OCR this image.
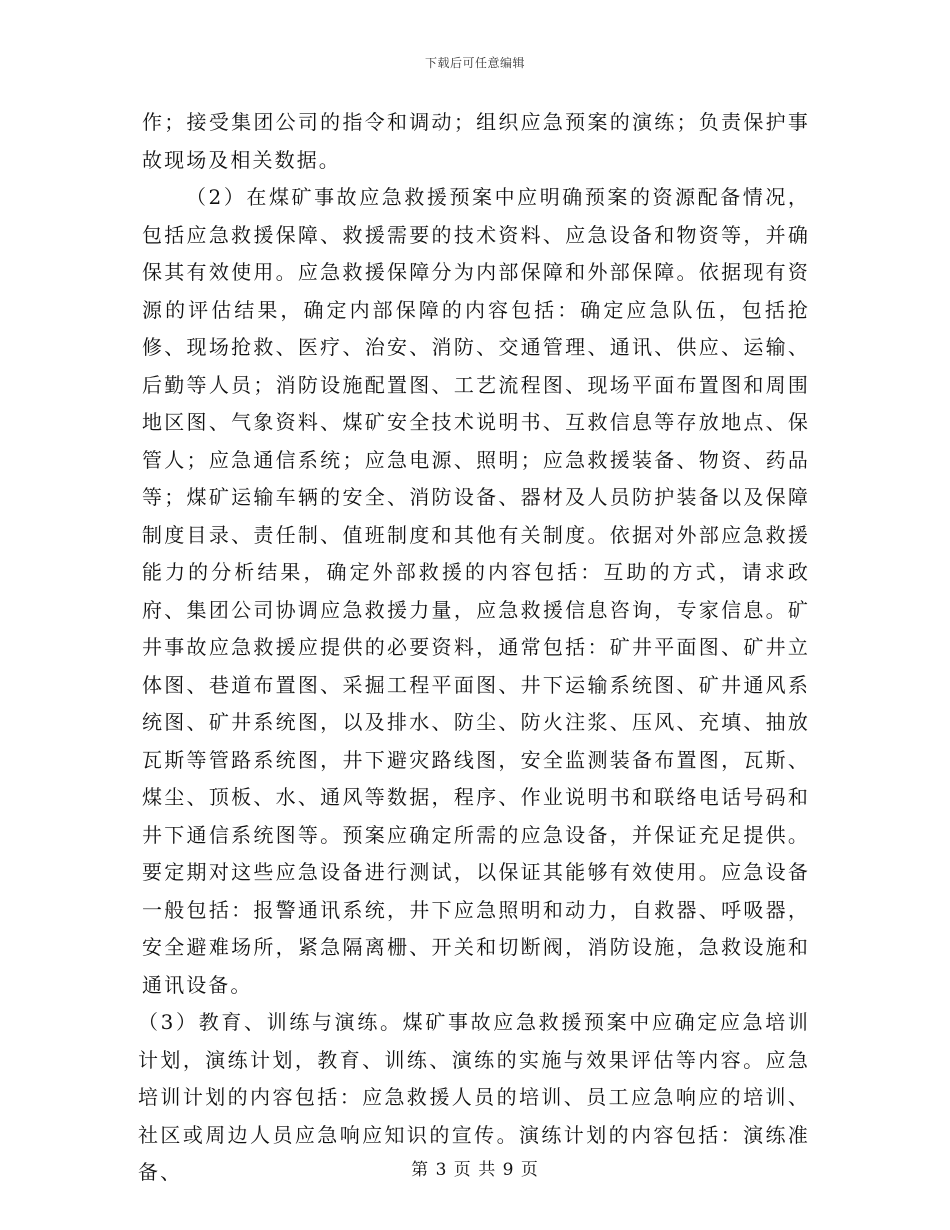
下载后可任意编辑

作；接受集团公司的指令和调动；组织应急预案的演练；负责保护事故现场及相关数据。

（2）在煤矿事故应急救援预案中应明确预案的资源配备情况，包括应急救援保障、救援需要的技术资料、应急设备和物资等，并确保其有效使用。应急救援保障分为内部保障和外部保障。依据现有资源的评估结果，确定内部保障的内容包括：确定应急队伍，包括抢修、现场抢救、医疗、治安、消防、交通管理、通讯、供应、运输、后勤等人员；消防设施配置图、工艺流程图、现场平面布置图和周围地区图、气象资料、煤矿安全技术说明书、互救信息等存放地点、保管人；应急通信系统；应急电源、照明；应急救援装备、物资、药品等；煤矿运输车辆的安全、消防设备、器材及人员防护装备以及保障制度目录、责任制、值班制度和其他有关制度。依据对外部应急救援能力的分析结果，确定外部救援的内容包括：互助的方式，请求政府、集团公司协调应急救援力量，应急救援信息咨询，专家信息。矿井事故应急救援应提供的必要资料，通常包括：矿井平面图、矿井立体图、巷道布置图、采掘工程平面图、井下运输系统图、矿井通风系统图、矿井系统图，以及排水、防尘、防火注浆、压风、充填、抽放瓦斯等管路系统图，井下避灾路线图，安全监测装备布置图，瓦斯、煤尘、顶板、水、通风等数据，程序、作业说明书和联络电话号码和井下通信系统图等。预案应确定所需的应急设备，并保证充足提供。要定期对这些应急设备进行测试，以保证其能够有效使用。应急设备一般包括：报警通讯系统，井下应急照明和动力，自救器、呼吸器，安全避难场所，紧急隔离栅、开关和切断阀，消防设施，急救设施和通讯设备。

（3）教育、训练与演练。煤矿事故应急救援预案中应确定应急培训计划，演练计划，教育、训练、演练的实施与效果评估等内容。应急培训计划的内容包括：应急救援人员的培训、员工应急响应的培训、社区或周边人员应急响应知识的宣传。演练计划的内容包括：演练准备、	第 3 页 共 9 页
